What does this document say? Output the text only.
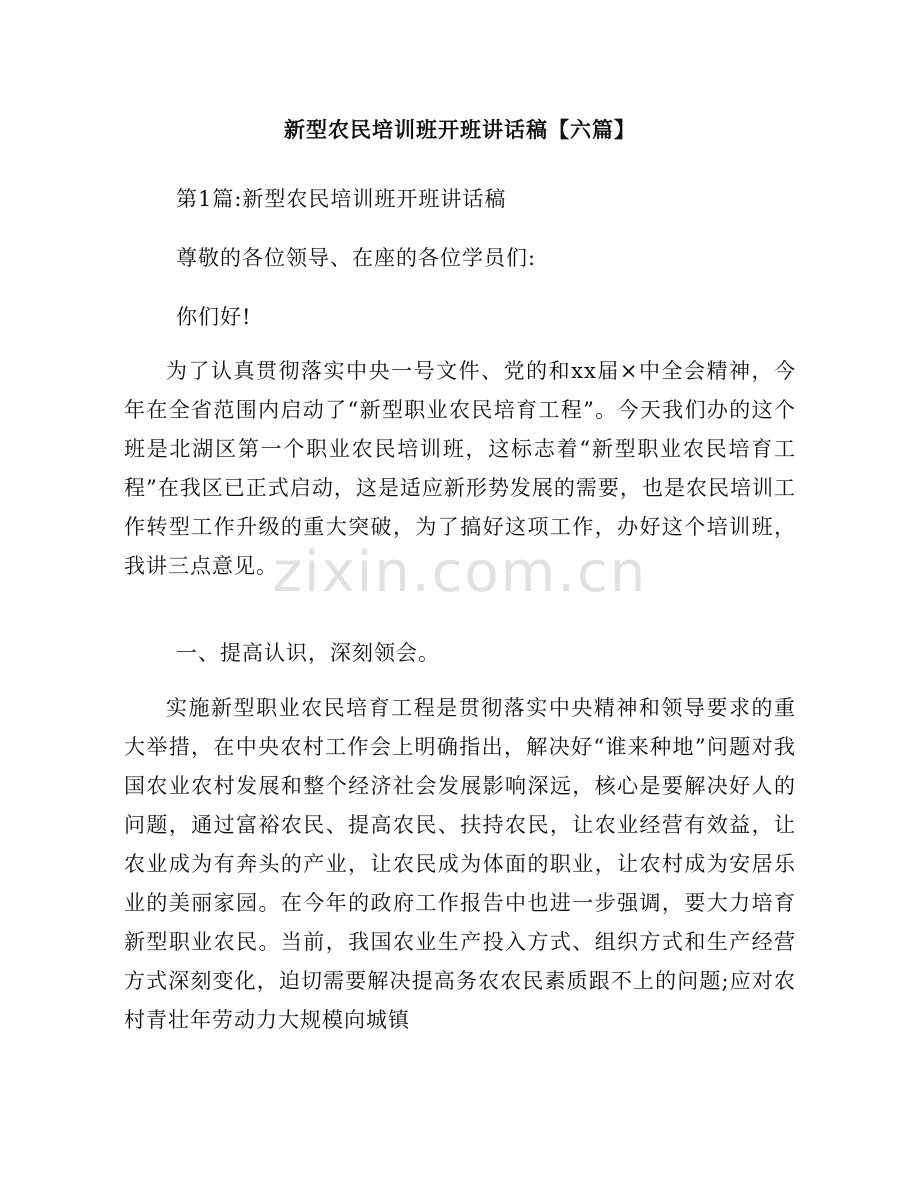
新型农民培训班开班讲话稿【六篇】
第1篇:新型农民培训班开班讲话稿
尊敬的各位领导、在座的各位学员们:
你们好!

为了认真贯彻落实中央一号文件、党的和xx届×中全会精神，今年在全省范围内启动了“新型职业农民培育工程”。今天我们办的这个班是北湖区第一个职业农民培训班，这标志着“新型职业农民培育工程”在我区已正式启动，这是适应新形势发展的需要，也是农民培训工作转型工作升级的重大突破，为了搞好这项工作，办好这个培训班，我讲三点意见。

一、提高认识，深刻领会。

实施新型职业农民培育工程是贯彻落实中央精神和领导要求的重大举措，在中央农村工作会上明确指出，解决好“谁来种地”问题对我国农业农村发展和整个经济社会发展影响深远，核心是要解决好人的问题，通过富裕农民、提高农民、扶持农民，让农业经营有效益，让农业成为有奔头的产业，让农民成为体面的职业，让农村成为安居乐业的美丽家园。在今年的政府工作报告中也进一步强调，要大力培育新型职业农民。当前，我国农业生产投入方式、组织方式和生产经营方式深刻变化，迫切需要解决提高务农农民素质跟不上的问题;应对农村青壮年劳动力大规模向城镇

zixin.com.cn
